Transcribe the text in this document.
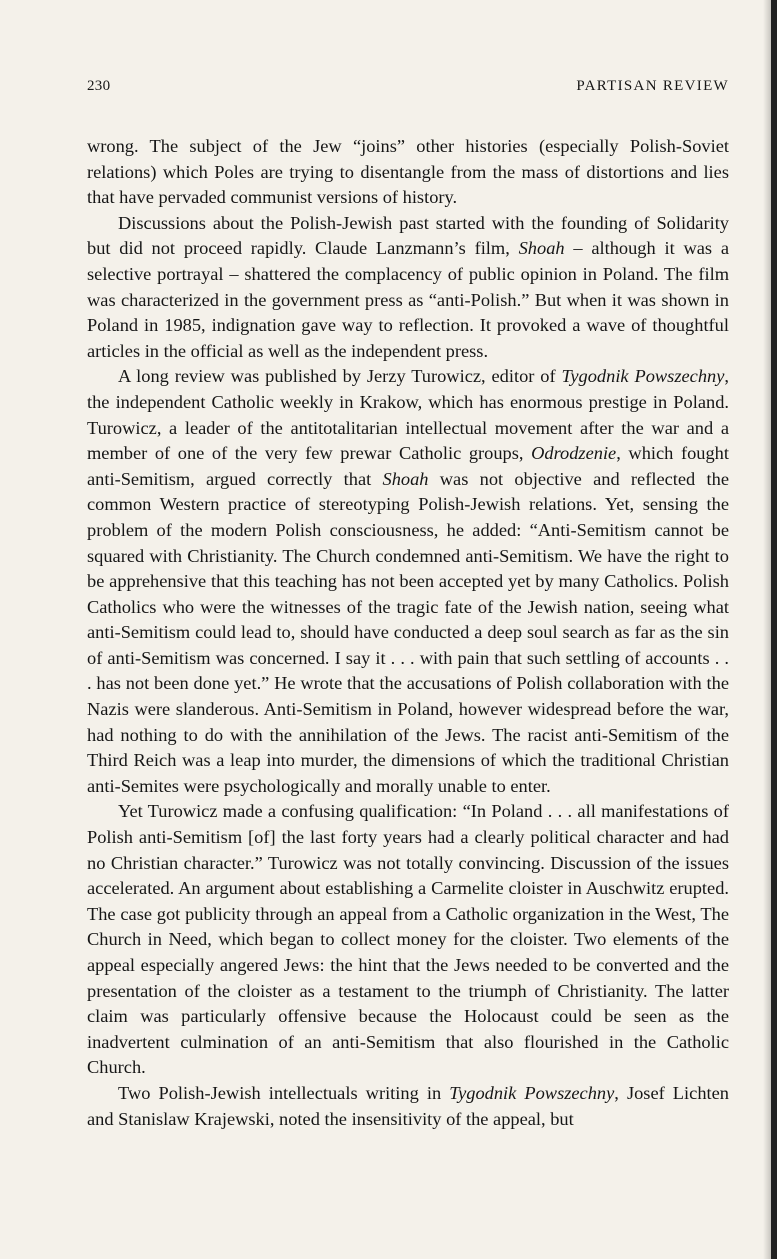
230	PARTISAN REVIEW

wrong. The subject of the Jew “joins” other histories (especially Polish-Soviet relations) which Poles are trying to disentangle from the mass of distortions and lies that have pervaded communist versions of history.

Discussions about the Polish-Jewish past started with the founding of Solidarity but did not proceed rapidly. Claude Lanzmann’s film, Shoah – although it was a selective portrayal – shattered the complacency of public opinion in Poland. The film was characterized in the government press as “anti-Polish.” But when it was shown in Poland in 1985, indignation gave way to reflection. It provoked a wave of thoughtful articles in the official as well as the independent press.

A long review was published by Jerzy Turowicz, editor of Tygodnik Powszechny, the independent Catholic weekly in Krakow, which has enormous prestige in Poland. Turowicz, a leader of the antitotalitarian intellectual movement after the war and a member of one of the very few prewar Catholic groups, Odrodzenie, which fought anti-Semitism, argued correctly that Shoah was not objective and reflected the common Western practice of stereotyping Polish-Jewish relations. Yet, sensing the problem of the modern Polish consciousness, he added: “Anti-Semitism cannot be squared with Christianity. The Church condemned anti-Semitism. We have the right to be apprehensive that this teaching has not been accepted yet by many Catholics. Polish Catholics who were the witnesses of the tragic fate of the Jewish nation, seeing what anti-Semitism could lead to, should have conducted a deep soul search as far as the sin of anti-Semitism was concerned. I say it . . . with pain that such settling of accounts . . . has not been done yet.” He wrote that the accusations of Polish collaboration with the Nazis were slanderous. Anti-Semitism in Poland, however widespread before the war, had nothing to do with the annihilation of the Jews. The racist anti-Semitism of the Third Reich was a leap into murder, the dimensions of which the traditional Christian anti-Semites were psychologically and morally unable to enter.

Yet Turowicz made a confusing qualification: “In Poland . . . all manifestations of Polish anti-Semitism [of] the last forty years had a clearly political character and had no Christian character.” Turowicz was not totally convincing. Discussion of the issues accelerated. An argument about establishing a Carmelite cloister in Auschwitz erupted. The case got publicity through an appeal from a Catholic organization in the West, The Church in Need, which began to collect money for the cloister. Two elements of the appeal especially angered Jews: the hint that the Jews needed to be converted and the presentation of the cloister as a testament to the triumph of Christianity. The latter claim was particularly offensive because the Holocaust could be seen as the inadvertent culmination of an anti-Semitism that also flourished in the Catholic Church.

Two Polish-Jewish intellectuals writing in Tygodnik Powszechny, Josef Lichten and Stanislaw Krajewski, noted the insensitivity of the appeal, but
